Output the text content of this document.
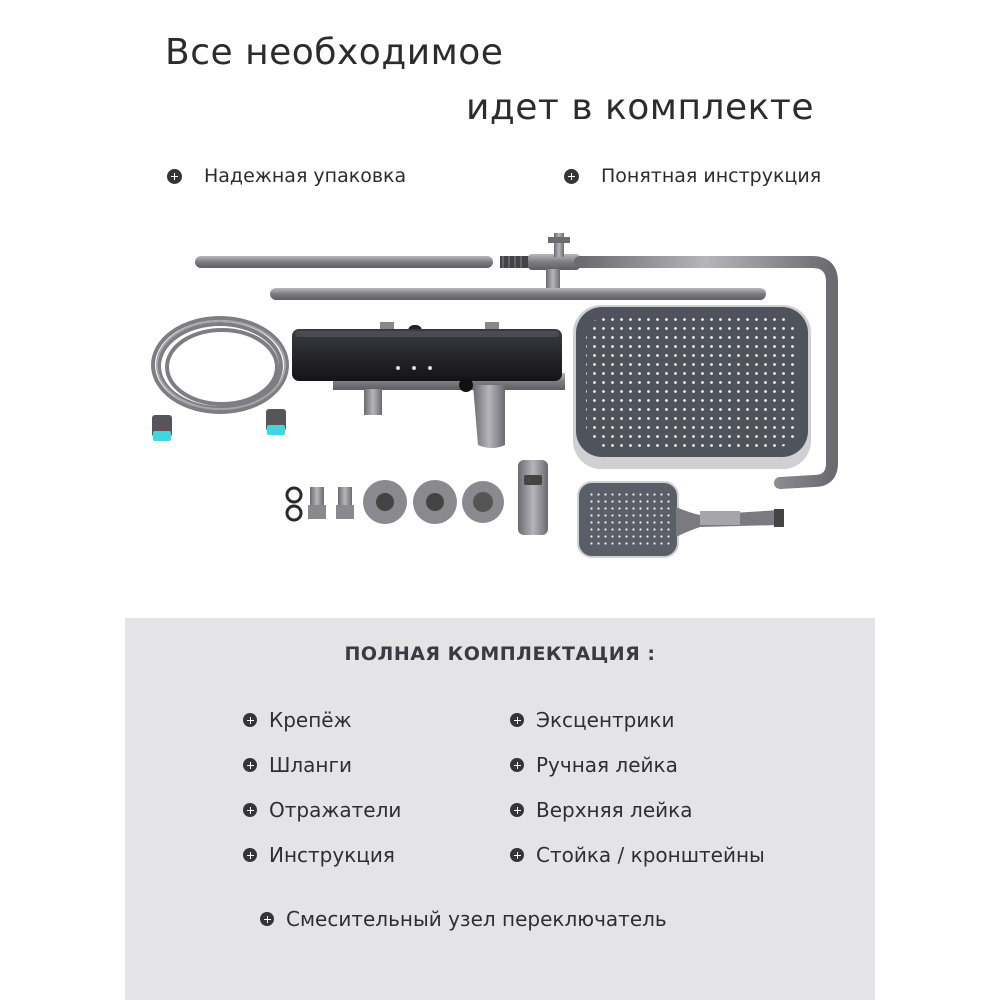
Все необходимое
идет в комплекте
Надежная упаковка	Понятная инструкция
ПОЛНАЯ КОМПЛЕКТАЦИЯ :
Крепёж
Шланги
Отражатели
Инструкция
Эксцентрики
Ручная лейка
Верхняя лейка
Стойка / кронштейны
Смесительный узел переключатель
